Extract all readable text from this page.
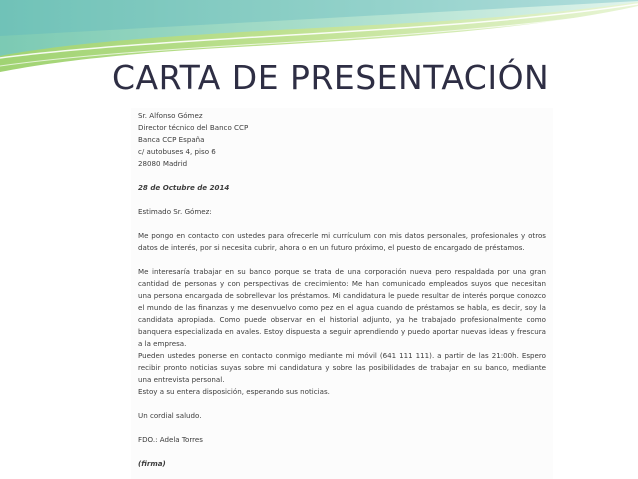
CARTA DE PRESENTACIÓN
Sr. Alfonso Gómez
Director técnico del Banco CCP
Banca CCP España
c/ autobuses 4, piso 6
28080 Madrid

28 de Octubre de 2014

Estimado Sr. Gómez:

Me pongo en contacto con ustedes para ofrecerle mi currículum con mis datos personales, profesionales y otros datos de interés, por si necesita cubrir, ahora o en un futuro próximo, el puesto de encargado de préstamos.

Me interesaría trabajar en su banco porque se trata de una corporación nueva pero respaldada por una gran cantidad de personas y con perspectivas de crecimiento: Me han comunicado empleados suyos que necesitan una persona encargada de sobrellevar los préstamos. Mi candidatura le puede resultar de interés porque conozco el mundo de las finanzas y me desenvuelvo como pez en el agua cuando de préstamos se habla, es decir, soy la candidata apropiada. Como puede observar en el historial adjunto, ya he trabajado profesionalmente como banquera especializada en avales. Estoy dispuesta a seguir aprendiendo y puedo aportar nuevas ideas y frescura a la empresa.

Pueden ustedes ponerse en contacto conmigo mediante mi móvil (641 111 111). a partir de las 21:00h. Espero recibir pronto noticias suyas sobre mi candidatura y sobre las posibilidades de trabajar en su banco, mediante una entrevista personal.

Estoy a su entera disposición, esperando sus noticias.

Un cordial saludo.

FDO.: Adela Torres

(firma)
